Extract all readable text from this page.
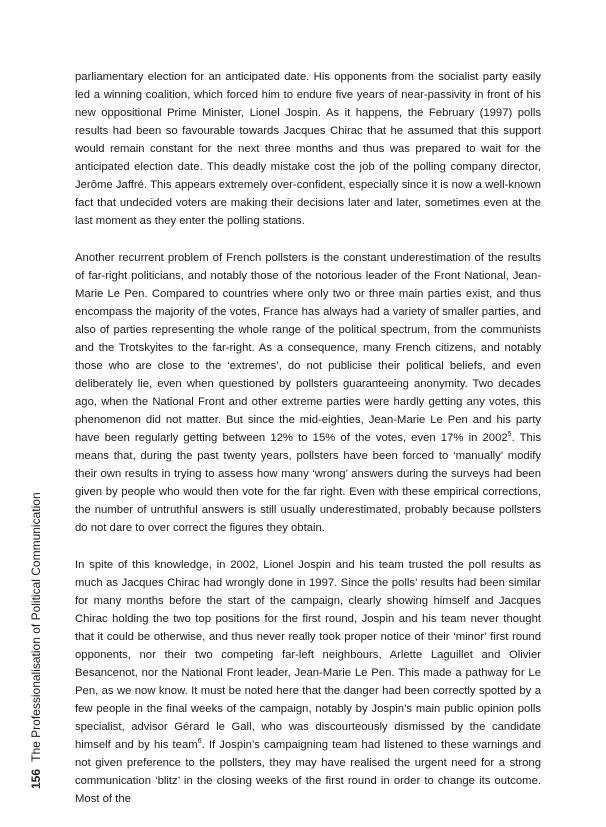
parliamentary election for an anticipated date. His opponents from the socialist party easily led a winning coalition, which forced him to endure five years of near-passivity in front of his new oppositional Prime Minister, Lionel Jospin. As it happens, the February (1997) polls results had been so favourable towards Jacques Chirac that he assumed that this support would remain constant for the next three months and thus was prepared to wait for the anticipated election date. This deadly mistake cost the job of the polling company director, Jerôme Jaffré. This appears extremely over-confident, especially since it is now a well-known fact that undecided voters are making their decisions later and later, sometimes even at the last moment as they enter the polling stations.

Another recurrent problem of French pollsters is the constant underestimation of the results of far-right politicians, and notably those of the notorious leader of the Front National, Jean-Marie Le Pen. Compared to countries where only two or three main parties exist, and thus encompass the majority of the votes, France has always had a variety of smaller parties, and also of parties representing the whole range of the political spectrum, from the communists and the Trotskyites to the far-right. As a consequence, many French citizens, and notably those who are close to the ‘extremes’, do not publicise their political beliefs, and even deliberately lie, even when questioned by pollsters guaranteeing anonymity. Two decades ago, when the National Front and other extreme parties were hardly getting any votes, this phenomenon did not matter. But since the mid-eighties, Jean-Marie Le Pen and his party have been regularly getting between 12% to 15% of the votes, even 17% in 2002$^5$. This means that, during the past twenty years, pollsters have been forced to ‘manually’ modify their own results in trying to assess how many ‘wrong’ answers during the surveys had been given by people who would then vote for the far right. Even with these empirical corrections, the number of untruthful answers is still usually underestimated, probably because pollsters do not dare to over correct the figures they obtain.

In spite of this knowledge, in 2002, Lionel Jospin and his team trusted the poll results as much as Jacques Chirac had wrongly done in 1997. Since the polls’ results had been similar for many months before the start of the campaign, clearly showing himself and Jacques Chirac holding the two top positions for the first round, Jospin and his team never thought that it could be otherwise, and thus never really took proper notice of their ‘minor’ first round opponents, nor their two competing far-left neighbours, Arlette Laguillet and Olivier Besancenot, nor the National Front leader, Jean-Marie Le Pen. This made a pathway for Le Pen, as we now know. It must be noted here that the danger had been correctly spotted by a few people in the final weeks of the campaign, notably by Jospin’s main public opinion polls specialist, advisor Gérard le Gall, who was discourteously dismissed by the candidate himself and by his team$^6$. If Jospin’s campaigning team had listened to these warnings and not given preference to the pollsters, they may have realised the urgent need for a strong communication ‘blitz’ in the closing weeks of the first round in order to change its outcome. Most of the

156 The Professionalisation of Political Communication
